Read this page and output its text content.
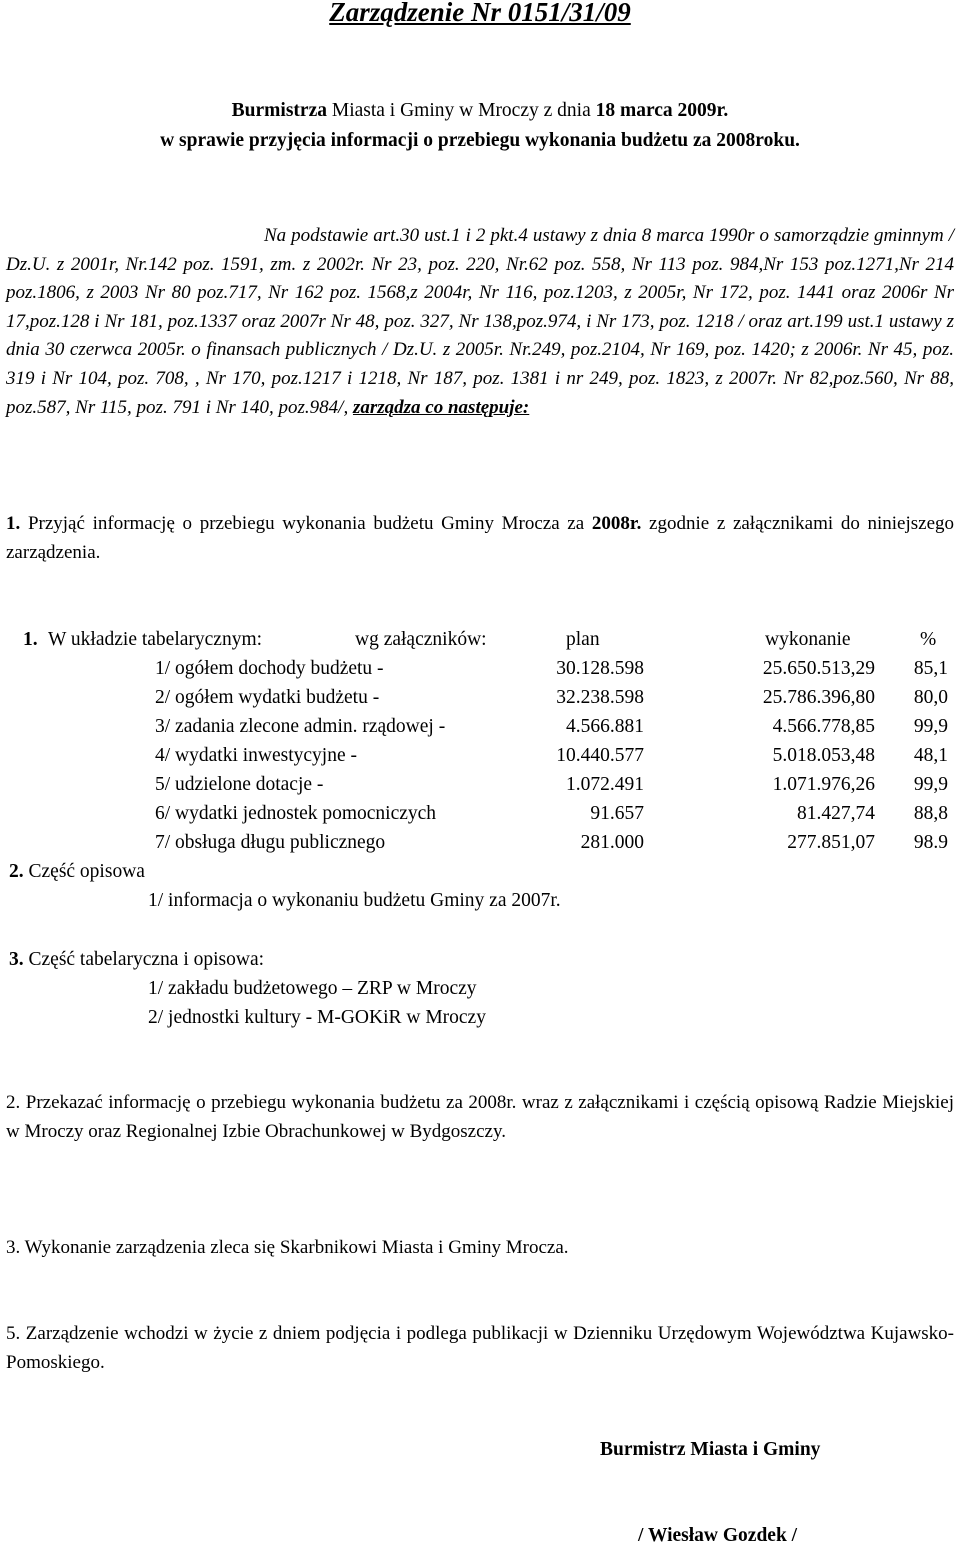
Zarządzenie Nr 0151/31/09
Burmistrza Miasta i Gminy w Mroczy z dnia 18 marca 2009r.
w sprawie przyjęcia informacji o przebiegu wykonania budżetu za 2008roku.
Na podstawie art.30 ust.1 i 2 pkt.4 ustawy z dnia 8 marca 1990r o samorządzie gminnym / Dz.U. z 2001r, Nr.142 poz. 1591, zm. z 2002r. Nr 23, poz. 220, Nr.62 poz. 558, Nr 113 poz. 984,Nr 153 poz.1271,Nr 214 poz.1806, z 2003 Nr 80 poz.717, Nr 162 poz. 1568,z 2004r, Nr 116, poz.1203, z 2005r, Nr 172, poz. 1441 oraz 2006r Nr 17,poz.128 i Nr 181, poz.1337 oraz 2007r Nr 48, poz. 327, Nr 138,poz.974, i Nr 173, poz. 1218 / oraz art.199 ust.1 ustawy z dnia 30 czerwca 2005r. o finansach publicznych / Dz.U. z 2005r. Nr.249, poz.2104, Nr 169, poz. 1420; z 2006r. Nr 45, poz. 319 i Nr 104, poz. 708, , Nr 170, poz.1217 i 1218, Nr 187, poz. 1381 i nr 249, poz. 1823, z 2007r. Nr 82,poz.560, Nr 88, poz.587, Nr 115, poz. 791 i Nr 140, poz.984/, zarządza co następuje:
1. Przyjąć informację o przebiegu wykonania budżetu Gminy Mrocza za 2008r. zgodnie z załącznikami do niniejszego zarządzenia.
1. W układzie tabelarycznym:	wg załączników:	plan	wykonanie	%
1/ ogółem dochody budżetu -	30.128.598	25.650.513,29 85,1
2/ ogółem wydatki budżetu -	32.238.598	25.786.396,80 80,0
3/ zadania zlecone admin. rządowej -	4.566.881	4.566.778,85 99,9
4/ wydatki inwestycyjne -	10.440.577	5.018.053,48 48,1
5/ udzielone dotacje -	1.072.491	1.071.976,26 99,9
6/ wydatki jednostek pomocniczych	91.657	81.427,74 88,8
7/ obsługa długu publicznego	281.000	277.851,07 98.9
2. Część opisowa
1/ informacja o wykonaniu budżetu Gminy za 2007r.
3. Część tabelaryczna i opisowa:
1/ zakładu budżetowego – ZRP w Mroczy
2/ jednostki kultury - M-GOKiR w Mroczy
2. Przekazać informację o przebiegu wykonania budżetu za 2008r. wraz z załącznikami i częścią opisową Radzie Miejskiej w Mroczy oraz Regionalnej Izbie Obrachunkowej w Bydgoszczy.
3. Wykonanie zarządzenia zleca się Skarbnikowi Miasta i Gminy Mrocza.
5. Zarządzenie wchodzi w życie z dniem podjęcia i podlega publikacji w Dzienniku Urzędowym Województwa Kujawsko-Pomoskiego.
Burmistrz Miasta i Gminy
/ Wiesław Gozdek /
